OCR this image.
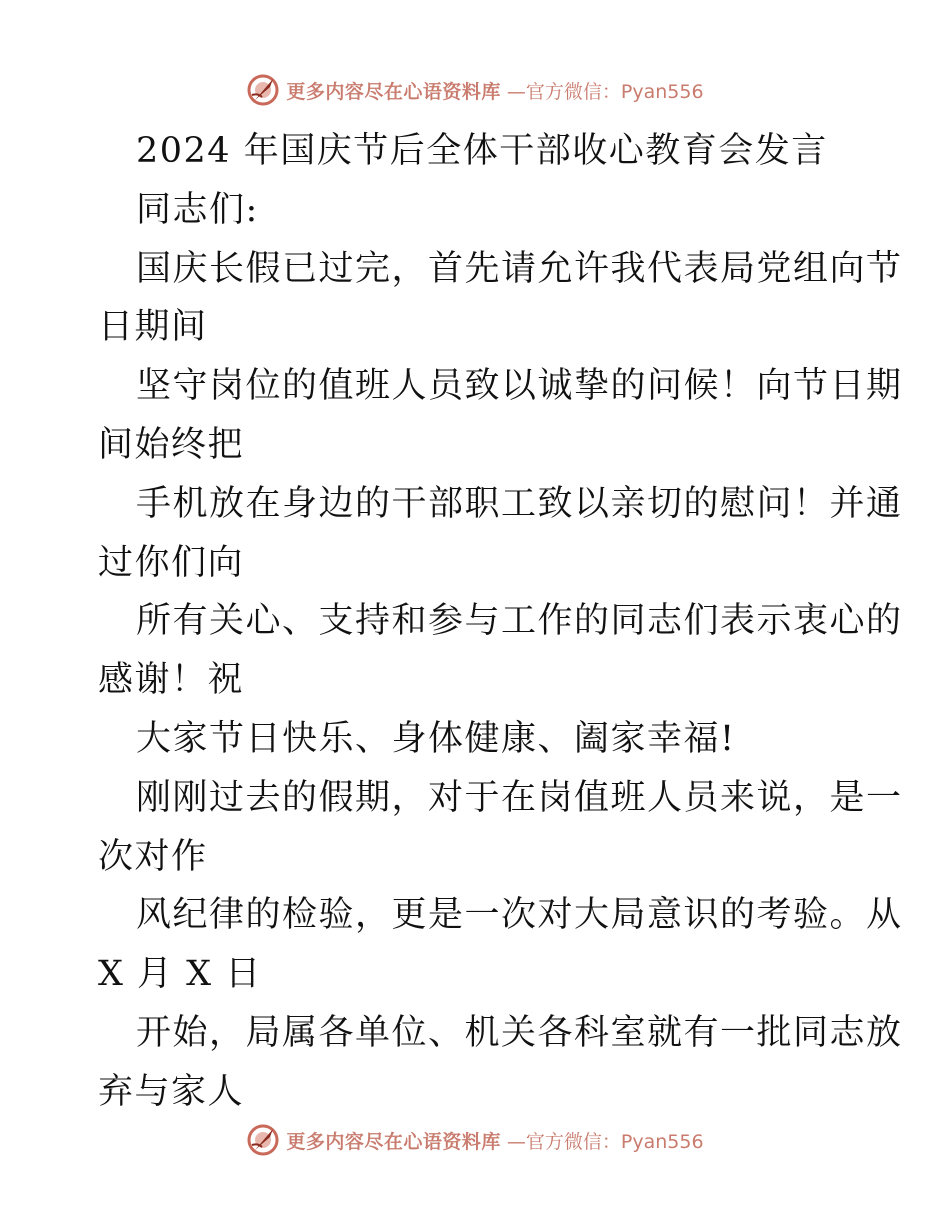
更多内容尽在心语资料库 —官方微信：Pyan556
2024 年国庆节后全体干部收心教育会发言
同志们:
国庆长假已过完，首先请允许我代表局党组向节
日期间
坚守岗位的值班人员致以诚挚的问候！向节日期
间始终把
手机放在身边的干部职工致以亲切的慰问！并通
过你们向
所有关心、支持和参与工作的同志们表示衷心的
感谢！祝
大家节日快乐、身体健康、阖家幸福!
刚刚过去的假期，对于在岗值班人员来说，是一
次对作
风纪律的检验，更是一次对大局意识的考验。从
X 月 X 日
开始，局属各单位、机关各科室就有一批同志放
弃与家人
更多内容尽在心语资料库 —官方微信：Pyan556
